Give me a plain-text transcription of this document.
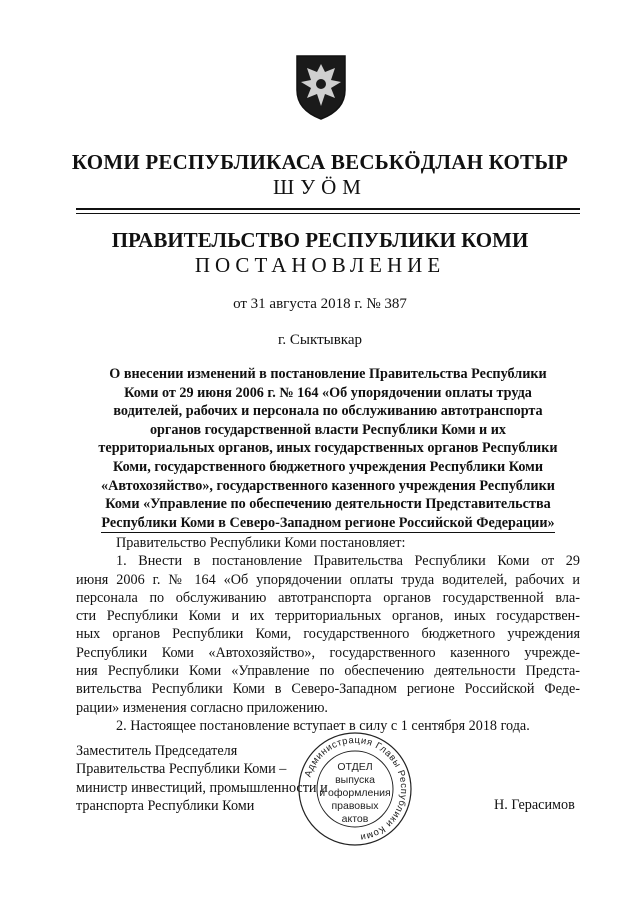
КОМИ РЕСПУБЛИКАСА ВЕСЬКӦДЛАН КОТЫР
ШУӦМ
ПРАВИТЕЛЬСТВО РЕСПУБЛИКИ КОМИ
ПОСТАНОВЛЕНИЕ
от 31 августа 2018 г. № 387
г. Сыктывкар
О внесении изменений в постановление Правительства Республики
Коми от 29 июня 2006 г. № 164 «Об упорядочении оплаты труда
водителей, рабочих и персонала по обслуживанию автотранспорта
органов государственной власти Республики Коми и их
территориальных органов, иных государственных органов Республики
Коми, государственного бюджетного учреждения Республики Коми
«Автохозяйство», государственного казенного учреждения Республики
Коми «Управление по обеспечению деятельности Представительства
Республики Коми в Северо-Западном регионе Российской Федерации»

Правительство Республики Коми постановляет:

1. Внести в постановление Правительства Республики Коми от 29

июня 2006 г. № 164 «Об упорядочении оплаты труда водителей, рабочих и

персонала по обслуживанию автотранспорта органов государственной вла-

сти Республики Коми и их территориальных органов, иных государствен-

ных органов Республики Коми, государственного бюджетного учреждения

Республики Коми «Автохозяйство», государственного казенного учрежде-

ния Республики Коми «Управление по обеспечению деятельности Предста-

вительства Республики Коми в Северо-Западном регионе Российской Феде-

рации» изменения согласно приложению.

2. Настоящее постановление вступает в силу с 1 сентября 2018 года.

Заместитель Председателя
Правительства Республики Коми –
министр инвестиций, промышленности и
транспорта Республики Коми	Н. Герасимов
Администрация Главы Республики Коми
ОТДЕЛ
выпуска
и оформления
правовых
актов
